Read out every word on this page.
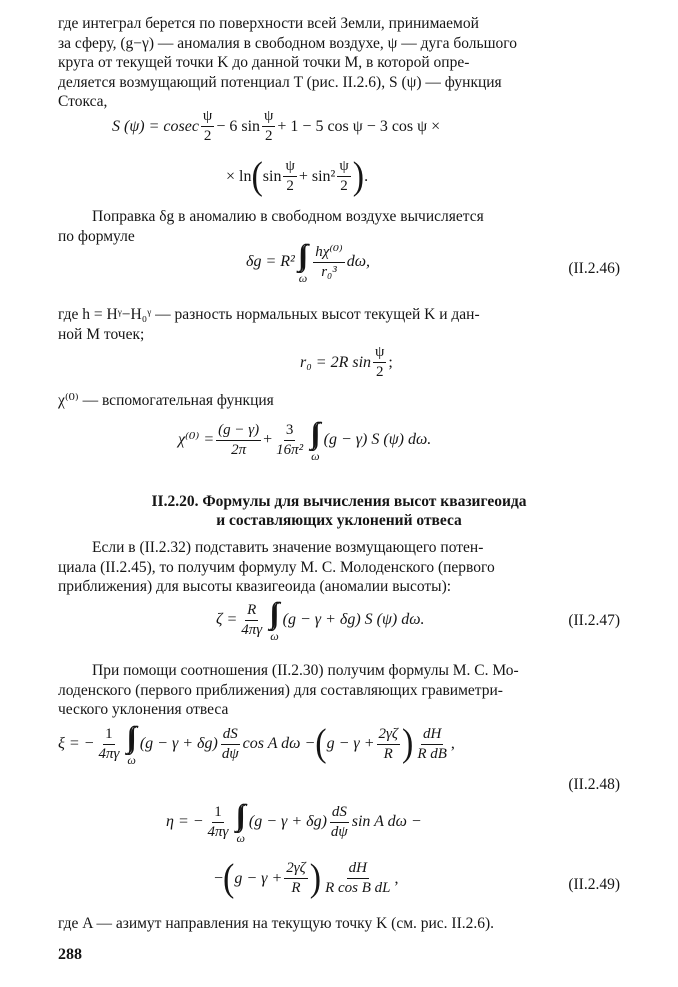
где интеграл берется по поверхности всей Земли, принимаемой
за сферу, (g−γ) — аномалия в свободном воздухе, ψ — дуга большого
круга от текущей точки K до данной точки M, в которой опре-
деляется возмущающий потенциал T (рис. II.2.6), S (ψ) — функция
Стокса,

S (ψ) = cosec $\frac{\psi}{2} - 6$ $\sin \frac{\psi}{2} + 1 - 5$ cos ψ − 3 cos ψ ×
× ln ( $\sin \frac{\psi}{2} + \sin^2 \frac{\psi}{2}$ ) .

Поправка δg в аномалию в свободном воздухе вычисляется
по формуле

δg = R² ∫∫
ω $\frac{\text{hχ⁽⁰⁾}}{\text{r₀³}} d\omega$,	(II.2.46)

где h = Hᵞ−H₀ᵞ — разность нормальных высот текущей K и дан-
ной M точек;

r₀ = 2R $\sin \frac{\psi}{2}$ ;

χ⁽⁰⁾ — вспомогательная функция

$\chi^{(0)} = \frac{(g - \gamma)}{2\pi} + \frac{3}{\text{16π²}}$ ∫∫
ω
(g − γ) S (ψ) dω.
II.2.20. Формулы для вычисления высот квазигеоида
и составляющих уклонений отвеса

Если в (II.2.32) подставить значение возмущающего потен-
циала (II.2.45), то получим формулу М. С. Молоденского (первого
приближения) для высоты квазигеоида (аномалии высоты):

$\zeta = \frac{R}{4\pi\gamma}$ ∫∫
ω
(g − γ + δg) S (ψ) dω.	(II.2.47)

При помощи соотношения (II.2.30) получим формулы М. С. Мо-
лоденского (первого приближения) для составляющих гравиметри-
ческого уклонения отвеса

ξ = − $\frac{1}{4\pi\gamma}$ ∫∫
ω
$(g - \gamma + \delta g) \frac{dS}{d\psi}$ cos A dω − ( $g - \gamma + \frac{2\gamma\zeta}{R}$ ) $\frac{dH}{\text{R dB}}$ ,
(II.2.48)
η = − $\frac{1}{4\pi\gamma}$ ∫∫
ω
$(g - \gamma + \delta g) \frac{dS}{d\psi}$ sin A dω −
− ( $g - \gamma + \frac{2\gamma\zeta}{R}$ ) $\frac{dH}{\text{R cos B dL}}$ ,	(II.2.49)

где A — азимут направления на текущую точку K (см. рис. II.2.6).

288
